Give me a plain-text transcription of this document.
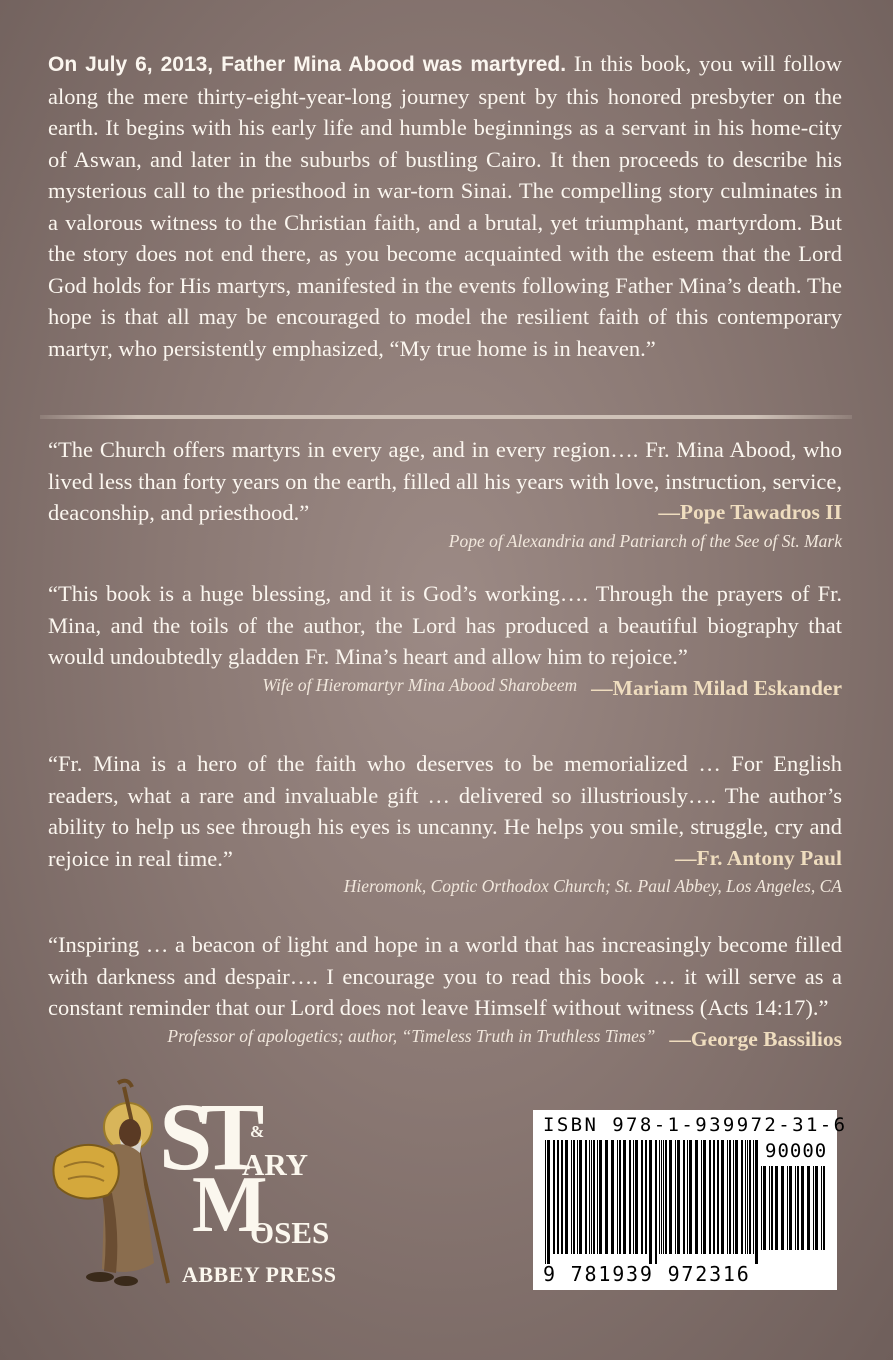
On July 6, 2013, Father Mina Abood was martyred. In this book, you will follow along the mere thirty-eight-year-long journey spent by this honored presbyter on the earth. It begins with his early life and humble beginnings as a servant in his home-city of Aswan, and later in the suburbs of bustling Cairo. It then proceeds to describe his mysterious call to the priesthood in war-torn Sinai. The compelling story culminates in a valorous witness to the Christian faith, and a brutal, yet triumphant, martyrdom. But the story does not end there, as you become acquainted with the esteem that the Lord God holds for His martyrs, manifested in the events following Father Mina’s death. The hope is that all may be encouraged to model the resilient faith of this contemporary martyr, who persistently emphasized, “My true home is in heaven.”

“The Church offers martyrs in every age, and in every region…. Fr. Mina Abood, who lived less than forty years on the earth, filled all his years with love, instruction, service, deaconship, and priesthood.”	—Pope Tawadros II

Pope of Alexandria and Patriarch of the See of St. Mark

“This book is a huge blessing, and it is God’s working…. Through the prayers of Fr. Mina, and the toils of the author, the Lord has produced a beautiful biography that would undoubtedly gladden Fr. Mina’s heart and allow him to rejoice.”
—Mariam Milad Eskander

Wife of Hieromartyr Mina Abood Sharobeem

“Fr. Mina is a hero of the faith who deserves to be memorialized … For English readers, what a rare and invaluable gift … delivered so illustriously…. The author’s ability to help us see through his eyes is uncanny. He helps you smile, struggle, cry and rejoice in real time.”	—Fr. Antony Paul

Hieromonk, Coptic Orthodox Church; St. Paul Abbey, Los Angeles, CA

“Inspiring … a beacon of light and hope in a world that has increasingly become filled with darkness and despair…. I encourage you to read this book … it will serve as a constant reminder that our Lord does not leave Himself without witness (Acts 14:17).”
—George Bassilios

Professor of apologetics; author, “Timeless Truth in Truthless Times”
ST
&
ARY
M
OSES
ABBEY PRESS
ISBN 978-1-939972-31-6
90000
9 781939 972316
